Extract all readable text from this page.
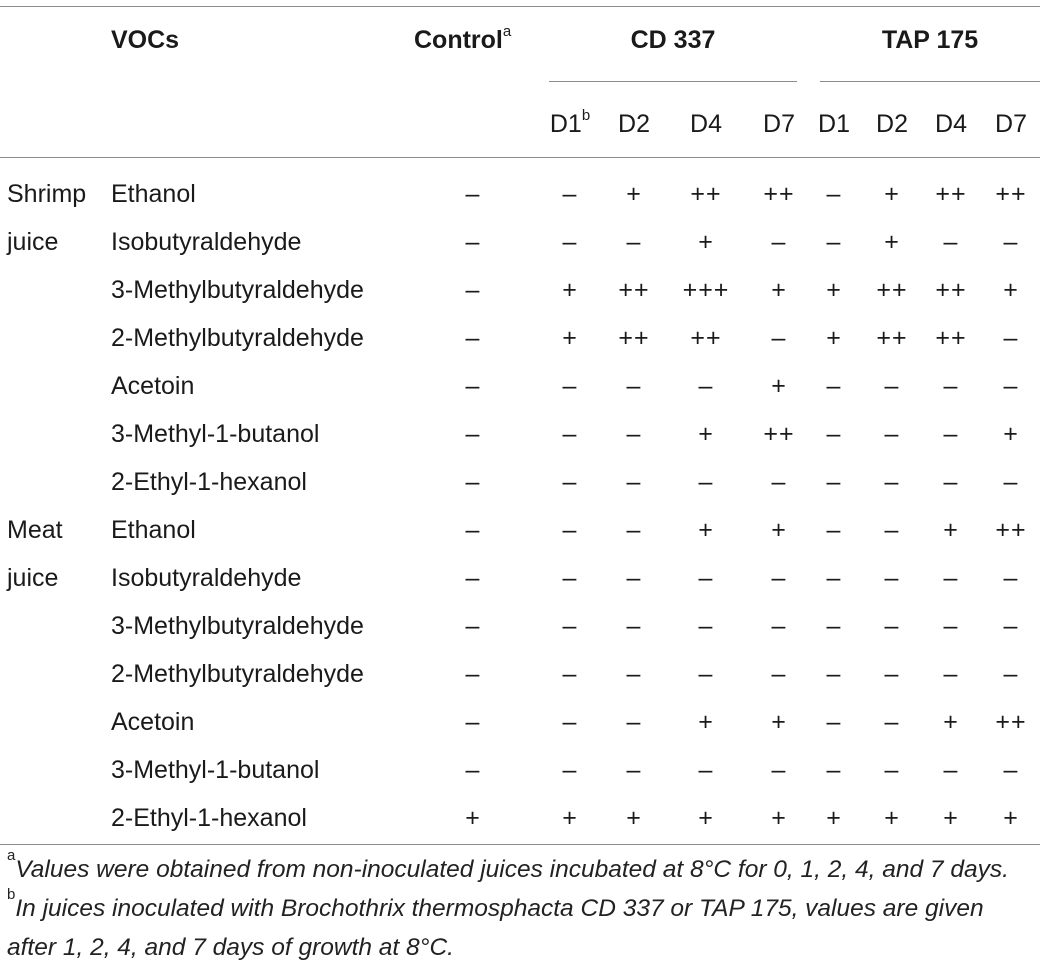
VOCs	Control$^a$	CD 337	TAP 175
D1$^b$ D2 D4 D7 D1 D2 D4 D7
Shrimp Ethanol	–	– + ++ ++ – + ++ ++
juice Isobutyraldehyde	–	– – + – – + – –
3-Methylbutyraldehyde	–	+ ++ +++ + + ++ ++ +
2-Methylbutyraldehyde	–	+ ++ ++ – + ++ ++ –
Acetoin	–	– – – + – – – –
3-Methyl-1-butanol	–	– – + ++ – – – +
2-Ethyl-1-hexanol	–	– – – – – – – –
Meat Ethanol	–	– – + + – – + ++
juice Isobutyraldehyde	–	– – – – – – – –
3-Methylbutyraldehyde	–	– – – – – – – –
2-Methylbutyraldehyde	–	– – – – – – – –
Acetoin	–	– – + + – – + ++
3-Methyl-1-butanol	–	– – – – – – – –
2-Ethyl-1-hexanol	+	+ + + + + + + +
$^a$Values were obtained from non-inoculated juices incubated at 8°C for 0, 1, 2, 4, and 7 days. $^b$In juices inoculated with Brochothrix thermosphacta CD 337 or TAP 175, values are given after 1, 2, 4, and 7 days of growth at 8°C.
